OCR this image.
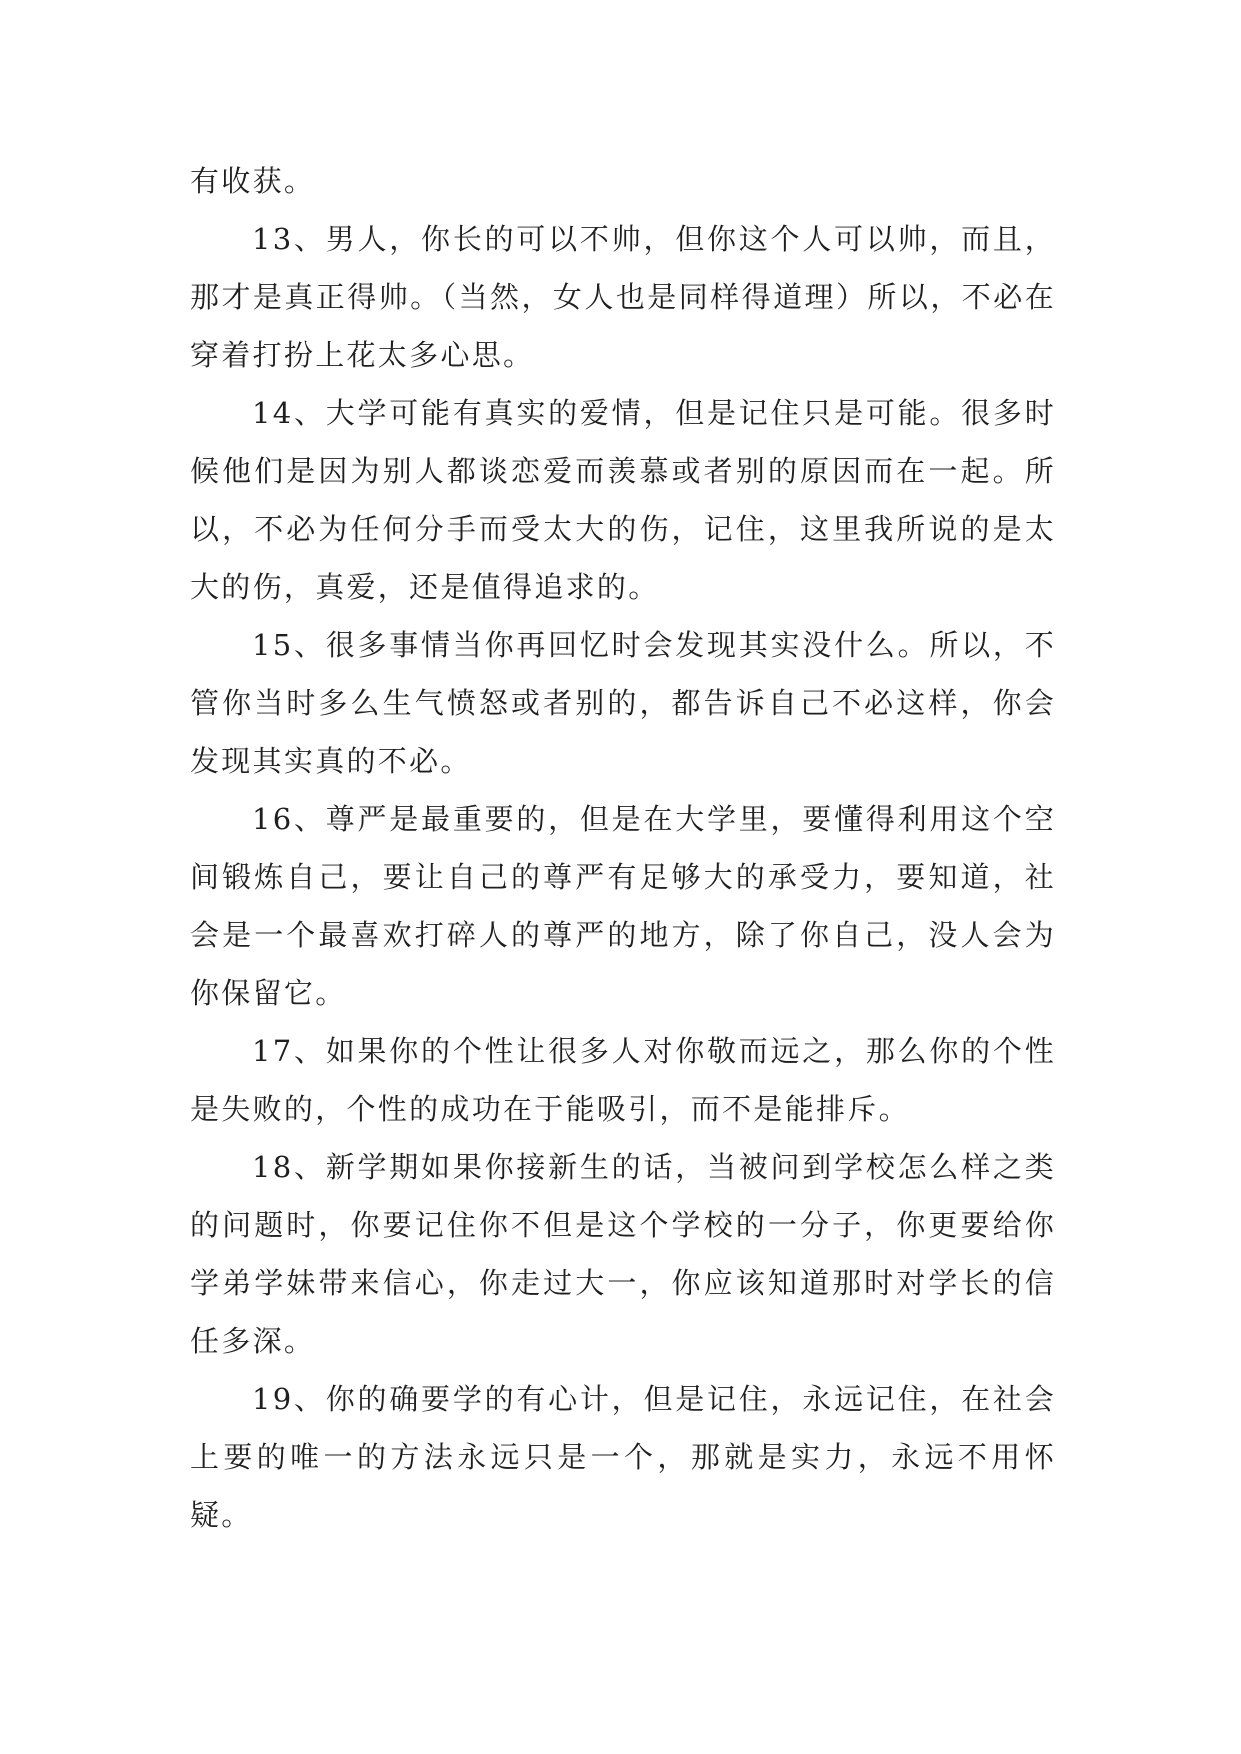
有收获。

13、男人，你长的可以不帅，但你这个人可以帅，而且，那才是真正得帅。（当然，女人也是同样得道理）所以，不必在穿着打扮上花太多心思。

14、大学可能有真实的爱情，但是记住只是可能。很多时候他们是因为别人都谈恋爱而羡慕或者别的原因而在一起。所以，不必为任何分手而受太大的伤，记住，这里我所说的是太大的伤，真爱，还是值得追求的。

15、很多事情当你再回忆时会发现其实没什么。所以，不管你当时多么生气愤怒或者别的，都告诉自己不必这样，你会发现其实真的不必。

16、尊严是最重要的，但是在大学里，要懂得利用这个空间锻炼自己，要让自己的尊严有足够大的承受力，要知道，社会是一个最喜欢打碎人的尊严的地方，除了你自己，没人会为你保留它。

17、如果你的个性让很多人对你敬而远之，那么你的个性是失败的，个性的成功在于能吸引，而不是能排斥。

18、新学期如果你接新生的话，当被问到学校怎么样之类的问题时，你要记住你不但是这个学校的一分子，你更要给你学弟学妹带来信心，你走过大一，你应该知道那时对学长的信任多深。

19、你的确要学的有心计，但是记住，永远记住，在社会上要的唯一的方法永远只是一个，那就是实力，永远不用怀疑。
